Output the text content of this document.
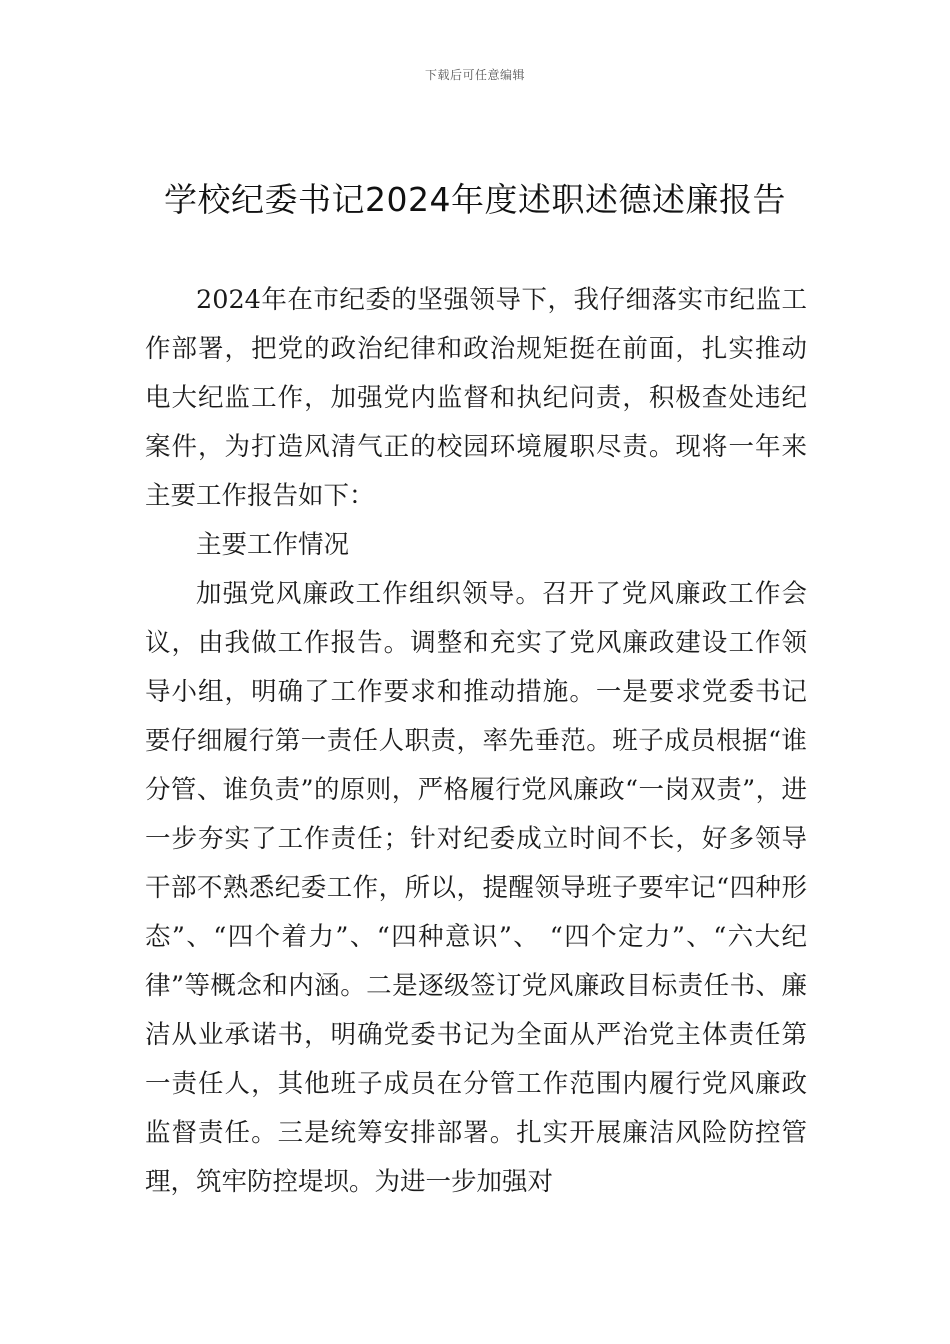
下载后可任意编辑
学校纪委书记2024年度述职述德述廉报告

2024年在市纪委的坚强领导下，我仔细落实市纪监工作部署，把党的政治纪律和政治规矩挺在前面，扎实推动电大纪监工作，加强党内监督和执纪问责，积极查处违纪案件，为打造风清气正的校园环境履职尽责。现将一年来主要工作报告如下：

主要工作情况

加强党风廉政工作组织领导。召开了党风廉政工作会议，由我做工作报告。调整和充实了党风廉政建设工作领导小组，明确了工作要求和推动措施。一是要求党委书记要仔细履行第一责任人职责，率先垂范。班子成员根据“谁分管、谁负责”的原则，严格履行党风廉政“一岗双责”，进一步夯实了工作责任；针对纪委成立时间不长，好多领导干部不熟悉纪委工作，所以，提醒领导班子要牢记“四种形态”、“四个着力”、“四种意识”、 “四个定力”、“六大纪律”等概念和内涵。二是逐级签订党风廉政目标责任书、廉洁从业承诺书，明确党委书记为全面从严治党主体责任第一责任人，其他班子成员在分管工作范围内履行党风廉政监督责任。三是统筹安排部署。扎实开展廉洁风险防控管理，筑牢防控堤坝。为进一步加强对
